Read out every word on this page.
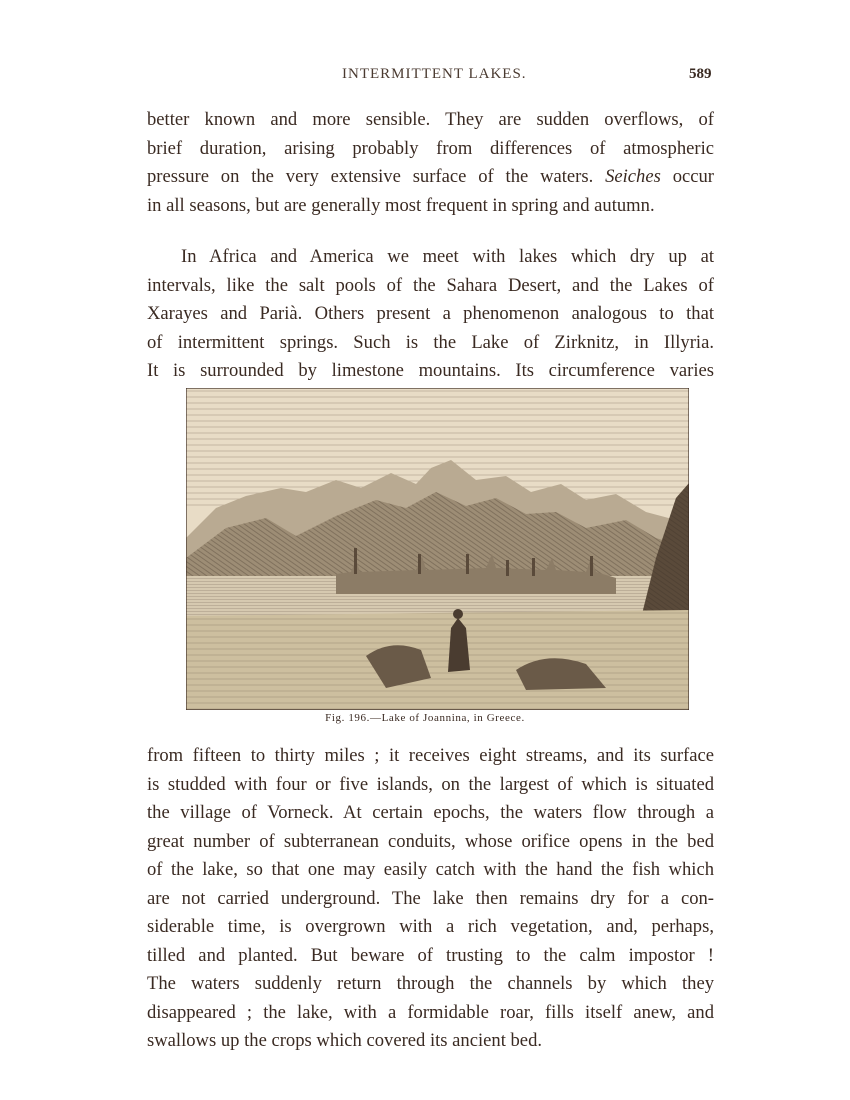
INTERMITTENT LAKES.	589

better known and more sensible. They are sudden overflows, of
brief duration, arising probably from differences of atmospheric
pressure on the very extensive surface of the waters. Seiches occur
in all seasons, but are generally most frequent in spring and autumn.

In Africa and America we meet with lakes which dry up at
intervals, like the salt pools of the Sahara Desert, and the Lakes of
Xarayes and Parià. Others present a phenomenon analogous to that
of intermittent springs. Such is the Lake of Zirknitz, in Illyria.
It is surrounded by limestone mountains. Its circumference varies

Fig. 196.—Lake of Joannina, in Greece.

from fifteen to thirty miles ; it receives eight streams, and its surface
is studded with four or five islands, on the largest of which is situated
the village of Vorneck. At certain epochs, the waters flow through a
great number of subterranean conduits, whose orifice opens in the bed
of the lake, so that one may easily catch with the hand the fish which
are not carried underground. The lake then remains dry for a con-
siderable time, is overgrown with a rich vegetation, and, perhaps,
tilled and planted. But beware of trusting to the calm impostor !
The waters suddenly return through the channels by which they
disappeared ; the lake, with a formidable roar, fills itself anew, and
swallows up the crops which covered its ancient bed.
